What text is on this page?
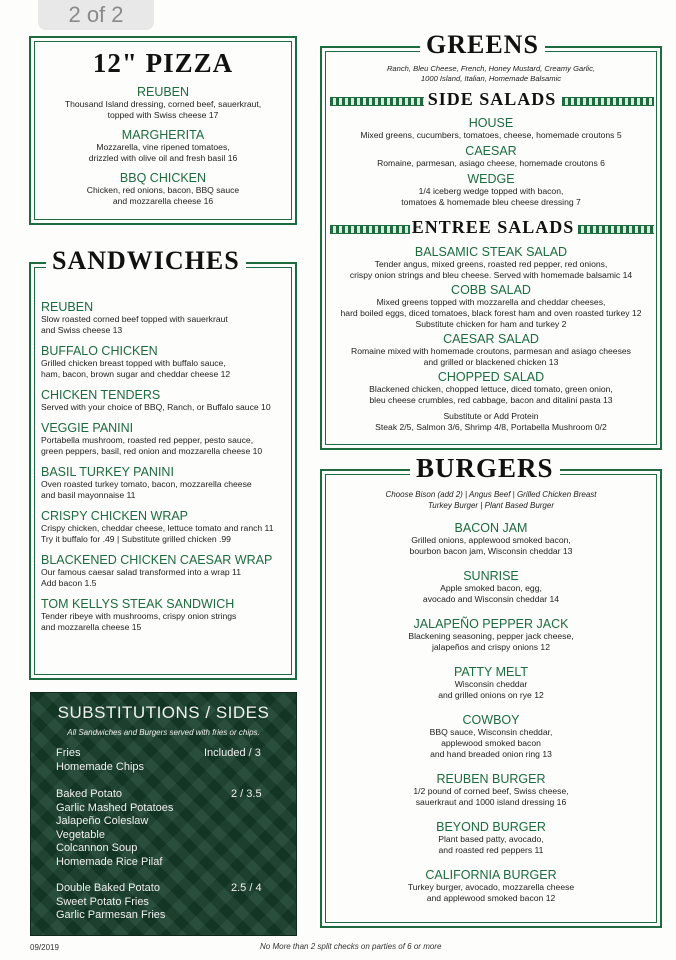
2 of 2
12" PIZZA
REUBEN
Thousand Island dressing, corned beef, sauerkraut,
topped with Swiss cheese 17
MARGHERITA
Mozzarella, vine ripened tomatoes,
drizzled with olive oil and fresh basil 16
BBQ CHICKEN
Chicken, red onions, bacon, BBQ sauce
and mozzarella cheese 16
REUBEN
Slow roasted corned beef topped with sauerkraut
and Swiss cheese 13
BUFFALO CHICKEN
Grilled chicken breast topped with buffalo sauce,
ham, bacon, brown sugar and cheddar cheese 12
CHICKEN TENDERS
Served with your choice of BBQ, Ranch, or Buffalo sauce 10
VEGGIE PANINI
Portabella mushroom, roasted red pepper, pesto sauce,
green peppers, basil, red onion and mozzarella cheese 10
BASIL TURKEY PANINI
Oven roasted turkey tomato, bacon, mozzarella cheese
and basil mayonnaise 11
CRISPY CHICKEN WRAP
Crispy chicken, cheddar cheese, lettuce tomato and ranch 11
Try it buffalo for .49 | Substitute grilled chicken .99
BLACKENED CHICKEN CAESAR WRAP
Our famous caesar salad transformed into a wrap 11
Add bacon 1.5
TOM KELLYS STEAK SANDWICH
Tender ribeye with mushrooms, crispy onion strings
and mozzarella cheese 15
SANDWICHES
SUBSTITUTIONS / SIDES
All Sandwiches and Burgers served with fries or chips.
Fries
Homemade Chips
Included / 3
Baked Potato
Garlic Mashed Potatoes
Jalapeño Coleslaw
Vegetable
Colcannon Soup
Homemade Rice Pilaf
2 / 3.5
Double Baked Potato
Sweet Potato Fries
Garlic Parmesan Fries
2.5 / 4
Ranch, Bleu Cheese, French, Honey Mustard, Creamy Garlic,
1000 Island, Italian, Homemade Balsamic
SIDE SALADS
HOUSE
Mixed greens, cucumbers, tomatoes, cheese, homemade croutons 5
CAESAR
Romaine, parmesan, asiago cheese, homemade croutons 6
WEDGE
1/4 iceberg wedge topped with bacon,
tomatoes & homemade bleu cheese dressing 7
ENTREE SALADS
BALSAMIC STEAK SALAD
Tender angus, mixed greens, roasted red pepper, red onions,
crispy onion strings and bleu cheese. Served with homemade balsamic 14
COBB SALAD
Mixed greens topped with mozzarella and cheddar cheeses,
hard boiled eggs, diced tomatoes, black forest ham and oven roasted turkey 12
Substitute chicken for ham and turkey 2
CAESAR SALAD
Romaine mixed with homemade croutons, parmesan and asiago cheeses
and grilled or blackened chicken 13
CHOPPED SALAD
Blackened chicken, chopped lettuce, diced tomato, green onion,
bleu cheese crumbles, red cabbage, bacon and ditalini pasta 13
Substitute or Add Protein
Steak 2/5, Salmon 3/6, Shrimp 4/8, Portabella Mushroom 0/2
GREENS
Choose Bison (add 2) | Angus Beef | Grilled Chicken Breast
Turkey Burger | Plant Based Burger
BACON JAM
Grilled onions, applewood smoked bacon,
bourbon bacon jam, Wisconsin cheddar 13
SUNRISE
Apple smoked bacon, egg,
avocado and Wisconsin cheddar 14
JALAPEÑO PEPPER JACK
Blackening seasoning, pepper jack cheese,
jalapeños and crispy onions 12
PATTY MELT
Wisconsin cheddar
and grilled onions on rye 12
COWBOY
BBQ sauce, Wisconsin cheddar,
applewood smoked bacon
and hand breaded onion ring 13
REUBEN BURGER
1/2 pound of corned beef, Swiss cheese,
sauerkraut and 1000 island dressing 16
BEYOND BURGER
Plant based patty, avocado,
and roasted red peppers 11
CALIFORNIA BURGER
Turkey burger, avocado, mozzarella cheese
and applewood smoked bacon 12
BURGERS
09/2019	No More than 2 split checks on parties of 6 or more
